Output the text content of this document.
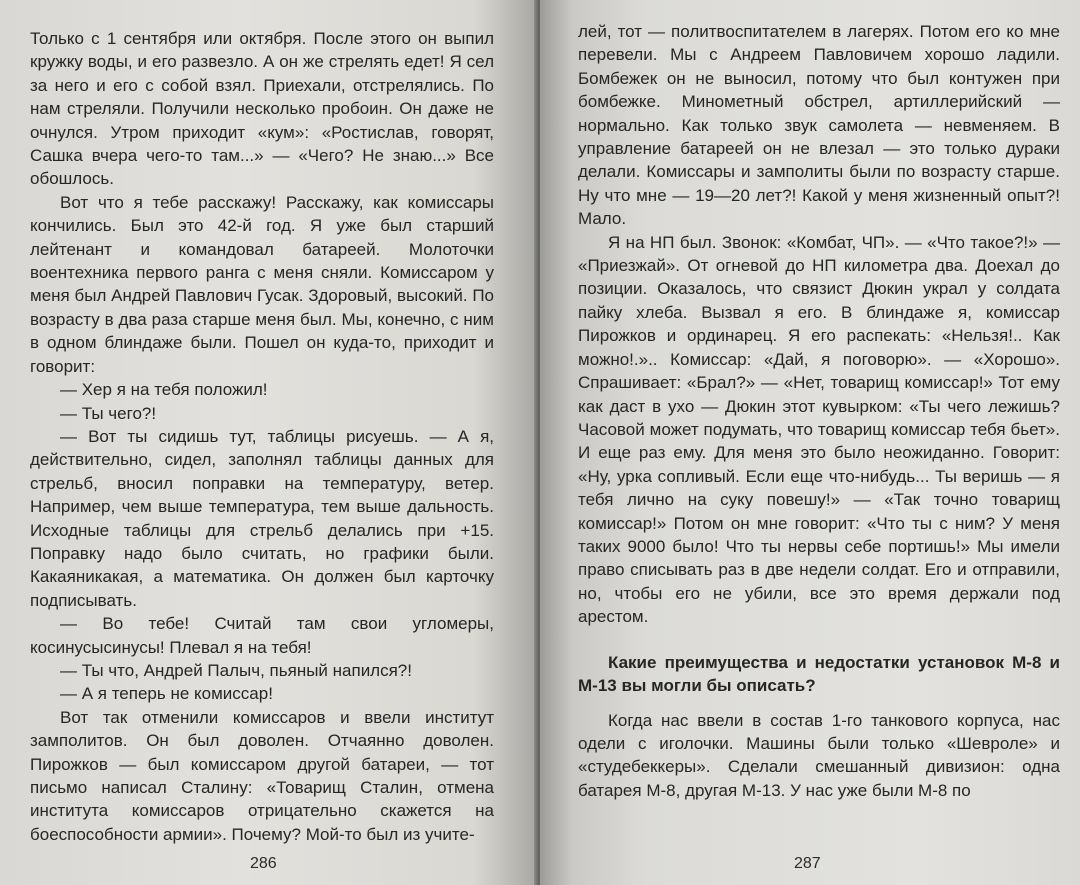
Только с 1 сентября или октября. После этого он выпил кружку воды, и его развезло. А он же стрелять едет! Я сел за него и его с собой взял. Приехали, отстрелялись. По нам стреляли. Получили несколько пробоин. Он даже не очнулся. Утром приходит «кум»: «Ростислав, говорят, Сашка вчера чего-то там...» — «Чего? Не знаю...» Все обошлось.

Вот что я тебе расскажу! Расскажу, как комиссары кончились. Был это 42-й год. Я уже был старший лейтенант и командовал батареей. Молоточки воентехника первого ранга с меня сняли. Комиссаром у меня был Андрей Павлович Гусак. Здоровый, высокий. По возрасту в два раза старше меня был. Мы, конечно, с ним в одном блиндаже были. Пошел он куда-то, приходит и говорит:

— Хер я на тебя положил!

— Ты чего?!

— Вот ты сидишь тут, таблицы рисуешь. — А я, действительно, сидел, заполнял таблицы данных для стрельб, вносил поправки на температуру, ветер. Например, чем выше температура, тем выше дальность. Исходные таблицы для стрельб делались при +15. Поправку надо было считать, но графики были. Какаяникакая, а математика. Он должен был карточку подписывать.

— Во тебе! Считай там свои угломеры, косинусысинусы! Плевал я на тебя!

— Ты что, Андрей Палыч, пьяный напился?!

— А я теперь не комиссар!

Вот так отменили комиссаров и ввели институт замполитов. Он был доволен. Отчаянно доволен. Пирожков — был комиссаром другой батареи, — тот письмо написал Сталину: «Товарищ Сталин, отмена института комиссаров отрицательно скажется на боеспособности армии». Почему? Мой-то был из учите-

286

лей, тот — политвоспитателем в лагерях. Потом его ко мне перевели. Мы с Андреем Павловичем хорошо ладили. Бомбежек он не выносил, потому что был контужен при бомбежке. Минометный обстрел, артиллерийский — нормально. Как только звук самолета — невменяем. В управление батареей он не влезал — это только дураки делали. Комиссары и замполиты были по возрасту старше. Ну что мне — 19—20 лет?! Какой у меня жизненный опыт?! Мало.

Я на НП был. Звонок: «Комбат, ЧП». — «Что такое?!» — «Приезжай». От огневой до НП километра два. Доехал до позиции. Оказалось, что связист Дюкин украл у солдата пайку хлеба. Вызвал я его. В блиндаже я, комиссар Пирожков и ординарец. Я его распекать: «Нельзя!.. Как можно!.».. Комиссар: «Дай, я поговорю». — «Хорошо». Спрашивает: «Брал?» — «Нет, товарищ комиссар!» Тот ему как даст в ухо — Дюкин этот кувырком: «Ты чего лежишь? Часовой может подумать, что товарищ комиссар тебя бьет». И еще раз ему. Для меня это было неожиданно. Говорит: «Ну, урка сопливый. Если еще что-нибудь... Ты веришь — я тебя лично на суку повешу!» — «Так точно товарищ комиссар!» Потом он мне говорит: «Что ты с ним? У меня таких 9000 было! Что ты нервы себе портишь!» Мы имели право списывать раз в две недели солдат. Его и отправили, но, чтобы его не убили, все это время держали под арестом.

Какие преимущества и недостатки установок М-8 и М-13 вы могли бы описать?

Когда нас ввели в состав 1-го танкового корпуса, нас одели с иголочки. Машины были только «Шевроле» и «студебеккеры». Сделали смешанный дивизион: одна батарея М-8, другая М-13. У нас уже были М-8 по

287
